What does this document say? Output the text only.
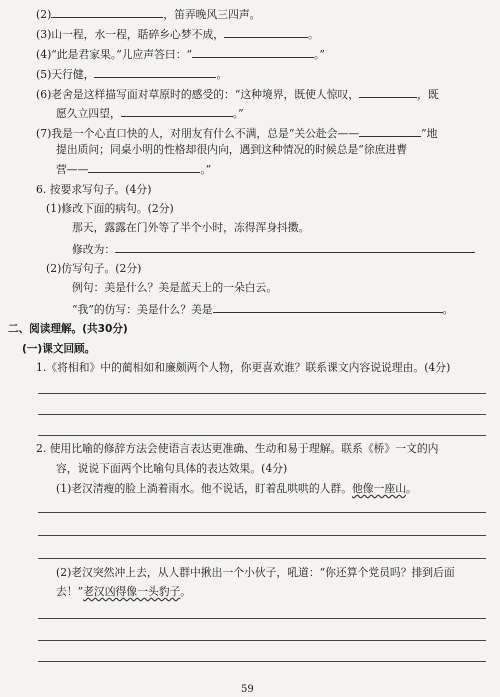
(2)	，笛弄晚风三四声。
(3)山一程，水一程，聒碎乡心梦不成，	。
(4)“此是君家果。”儿应声答曰：“	。”
(5)天行健，	。
(6)老舍是这样描写面对草原时的感受的：“这种境界，既使人惊叹，	，既
愿久立四望，	。”
(7)我是一个心直口快的人，对朋友有什么不满，总是“关公赴会——	”地
提出质问；同桌小明的性格却很内向，遇到这种情况的时候总是“徐庶进曹
营——	。”
6. 按要求写句子。(4分)
(1)修改下面的病句。(2分)
那天，露露在门外等了半个小时，冻得浑身抖擞。
修改为：
(2)仿写句子。(2分)
例句：美是什么？美是蓝天上的一朵白云。
“我”的仿写：美是什么？美是	。
二、阅读理解。(共30分)
(一)课文回顾。
1.《将相和》中的蔺相如和廉颇两个人物，你更喜欢谁？联系课文内容说说理由。(4分)
2. 使用比喻的修辞方法会使语言表达更准确、生动和易于理解。联系《桥》一文的内
容，说说下面两个比喻句具体的表达效果。(4分)
(1)老汉清瘦的脸上淌着雨水。他不说话，盯着乱哄哄的人群。他像一座山。
(2)老汉突然冲上去，从人群中揪出一个小伙子，吼道：“你还算个党员吗？排到后面
去！”老汉凶得像一头豹子。
59
